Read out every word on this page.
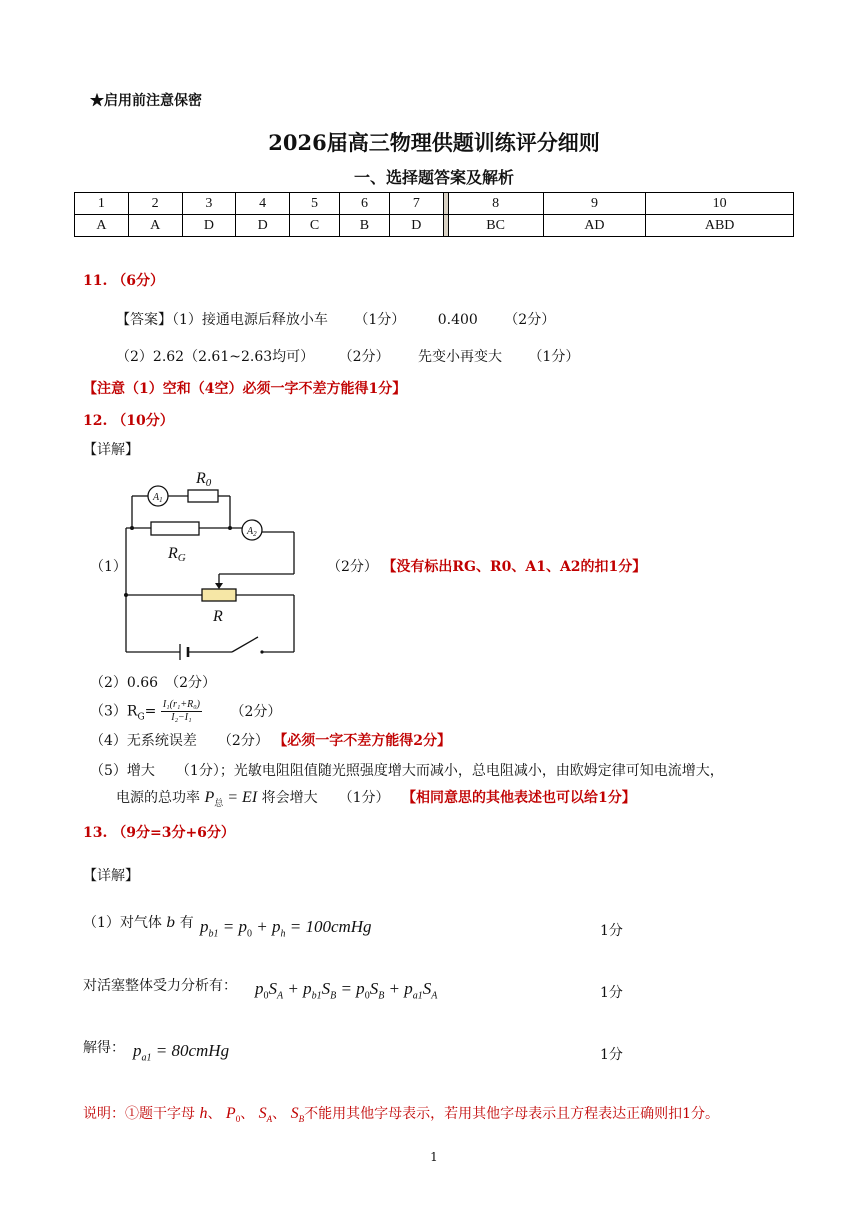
★启用前注意保密
2026届高三物理供题训练评分细则
一、选择题答案及解析
1	2	3	4	5	6	7		8	9	10
A	A	D	D	C	B	D		BC	AD	ABD
11. （6分）
【答案】（1）接通电源后释放小车 （1分） 0.400 （2分）
（2）2.62（2.61~2.63均可） （2分） 先变小再变大 （1分）
【注意（1）空和（4空）必须一字不差方能得1分】
12. （10分）
【详解】
R0
RG
R
$A_1$
$A_2$
（1）	（2分） 【没有标出RG、R0、A1、A2的扣1分】
（2）0.66　（2分）
$(3)R_G= \frac{\text{I₁(r₁+R₀)}}{\text{I₂−I₁}} (2$分）
（4）无系统误差　　（2分） 【必须一字不差方能得2分】
（5）增大　　（1分）；光敏电阻阻值随光照强度增大而减小，总电阻减小，由欧姆定律可知电流增大，
电源的总功率 $P_总$ = EI 将会增大　　（1分） 【相同意思的其他表述也可以给1分】
13. （9分=3分+6分）
【详解】
（1）对气体 b 有 $p_{b1} = p_0 + p_h$ = 100cmHg	1分
对活塞整体受力分析有： $p_0S_A + p_{b1}S_B = p_0S_B + p_{a1}S_A$	1分
解得： $p_{a1}$ = 80cmHg	1分
说明：①题干字母 h、 $P_0$、 $S_A$、 $S_B$不能用其他字母表示，若用其他字母表示且方程表达正确则扣1分。
1
